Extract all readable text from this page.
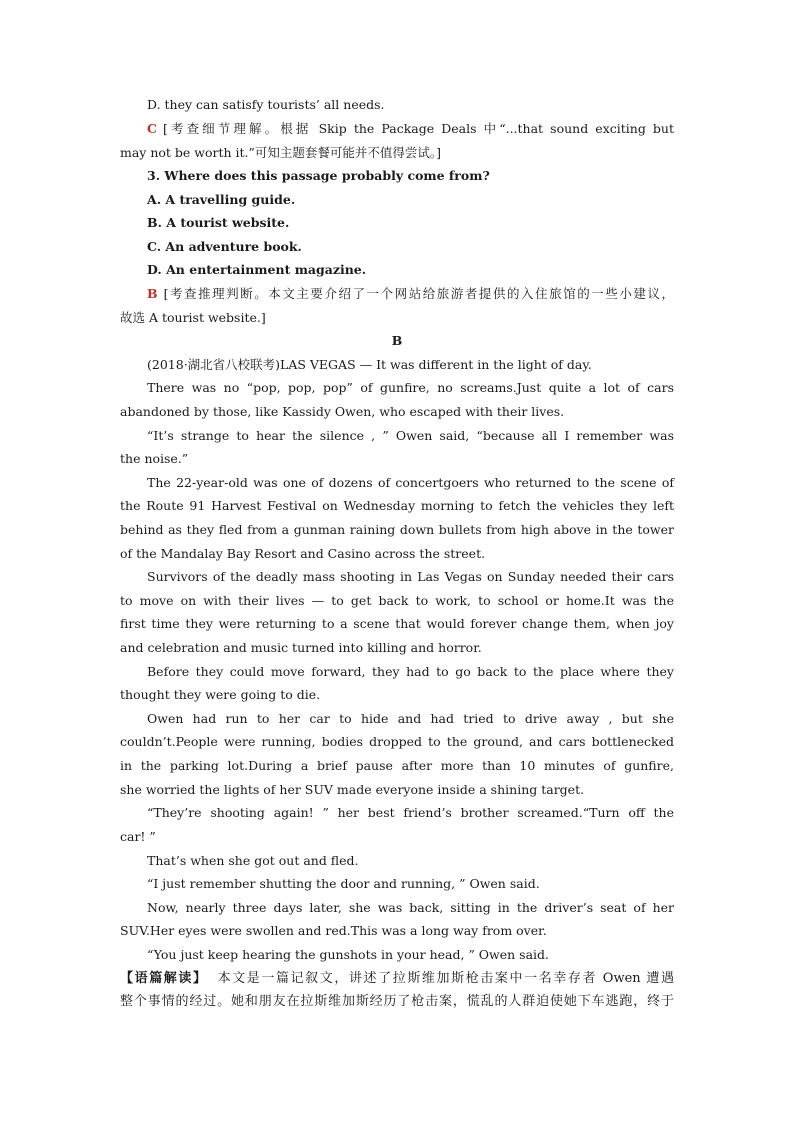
D. they can satisfy tourists’ all needs.
C [考查细节理解。根据 Skip the Package Deals 中“...that sound exciting but
may not be worth it.”可知主题套餐可能并不值得尝试。]
3. Where does this passage probably come from?
A. A travelling guide.
B. A tourist website.
C. An adventure book.
D. An entertainment magazine.
B [考查推理判断。本文主要介绍了一个网站给旅游者提供的入住旅馆的一些小建议，
故选 A tourist website.]
B
(2018·湖北省八校联考)LAS VEGAS — It was different in the light of day.
There was no “pop, pop, pop” of gunfire, no screams.Just quite a lot of cars
abandoned by those, like Kassidy Owen, who escaped with their lives.
“It’s strange to hear the silence , ” Owen said, “because all I remember was
the noise.”
The 22-year-old was one of dozens of concertgoers who returned to the scene of
the Route 91 Harvest Festival on Wednesday morning to fetch the vehicles they left
behind as they fled from a gunman raining down bullets from high above in the tower
of the Mandalay Bay Resort and Casino across the street.
Survivors of the deadly mass shooting in Las Vegas on Sunday needed their cars
to move on with their lives — to get back to work, to school or home.It was the
first time they were returning to a scene that would forever change them, when joy
and celebration and music turned into killing and horror.
Before they could move forward, they had to go back to the place where they
thought they were going to die.
Owen had run to her car to hide and had tried to drive away , but she
couldn’t.People were running, bodies dropped to the ground, and cars bottlenecked
in the parking lot.During a brief pause after more than 10 minutes of gunfire,
she worried the lights of her SUV made everyone inside a shining target.
“They’re shooting again! ” her best friend’s brother screamed.“Turn off the
car! ”
That’s when she got out and fled.
“I just remember shutting the door and running, ” Owen said.
Now, nearly three days later, she was back, sitting in the driver’s seat of her
SUV.Her eyes were swollen and red.This was a long way from over.
“You just keep hearing the gunshots in your head, ” Owen said.
【语篇解读】 本文是一篇记叙文，讲述了拉斯维加斯枪击案中一名幸存者 Owen 遭遇
整个事情的经过。她和朋友在拉斯维加斯经历了枪击案，慌乱的人群迫使她下车逃跑，终于
